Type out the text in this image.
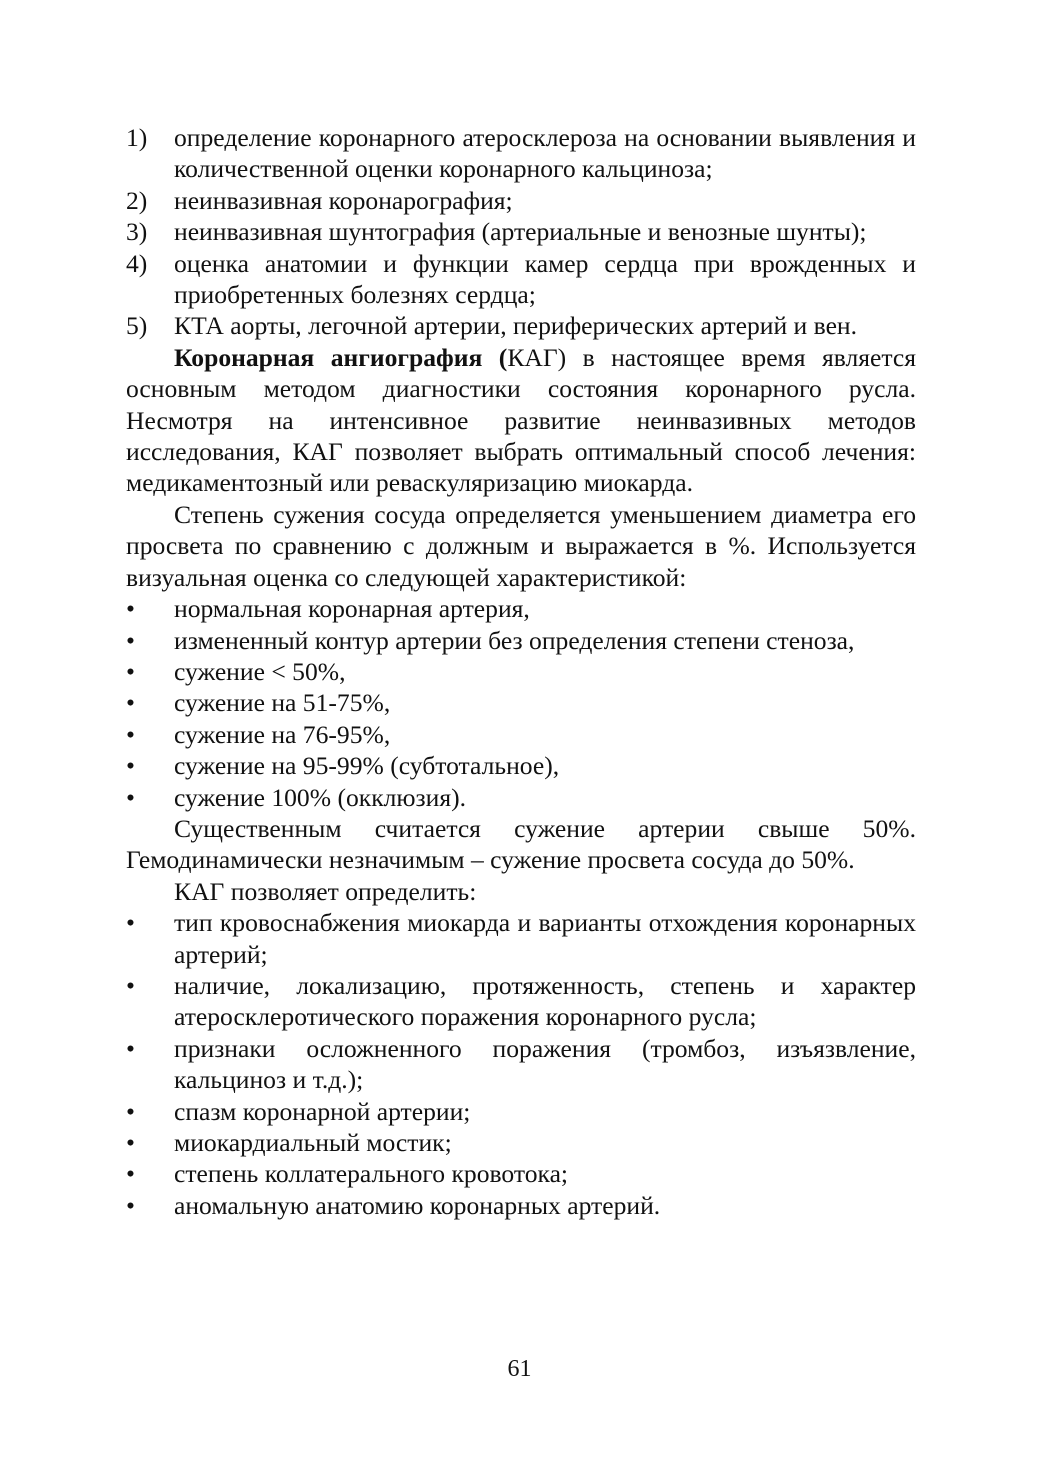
1) определение коронарного атеросклероза на основании выявления и количественной оценки коронарного кальциноза;
2) неинвазивная коронарография;
3) неинвазивная шунтография (артериальные и венозные шунты);
4) оценка анатомии и функции камер сердца при врожденных и приобретенных болезнях сердца;
5) КТА аорты, легочной артерии, периферических артерий и вен.

Коронарная ангиография (КАГ) в настоящее время является основным методом диагностики состояния коронарного русла. Несмотря на интенсивное развитие неинвазивных методов исследования, КАГ позволяет выбрать оптимальный способ лечения: медикаментозный или реваскуляризацию миокарда.

Степень сужения сосуда определяется уменьшением диаметра его просвета по сравнению с должным и выражается в %. Используется визуальная оценка со следующей характеристикой:

• нормальная коронарная артерия,
• измененный контур артерии без определения степени стеноза,
• сужение < 50%,
• сужение на 51-75%,
• сужение на 76-95%,
• сужение на 95-99% (субтотальное),
• сужение 100% (окклюзия).

Существенным считается сужение артерии свыше 50%. Гемодинамически незначимым – сужение просвета сосуда до 50%.

КАГ позволяет определить:

• тип кровоснабжения миокарда и варианты отхождения коронарных артерий;
• наличие, локализацию, протяженность, степень и характер атеросклеротического поражения коронарного русла;
• признаки осложненного поражения (тромбоз, изъязвление, кальциноз и т.д.);
• спазм коронарной артерии;
• миокардиальный мостик;
• степень коллатерального кровотока;
• аномальную анатомию коронарных артерий.
61
